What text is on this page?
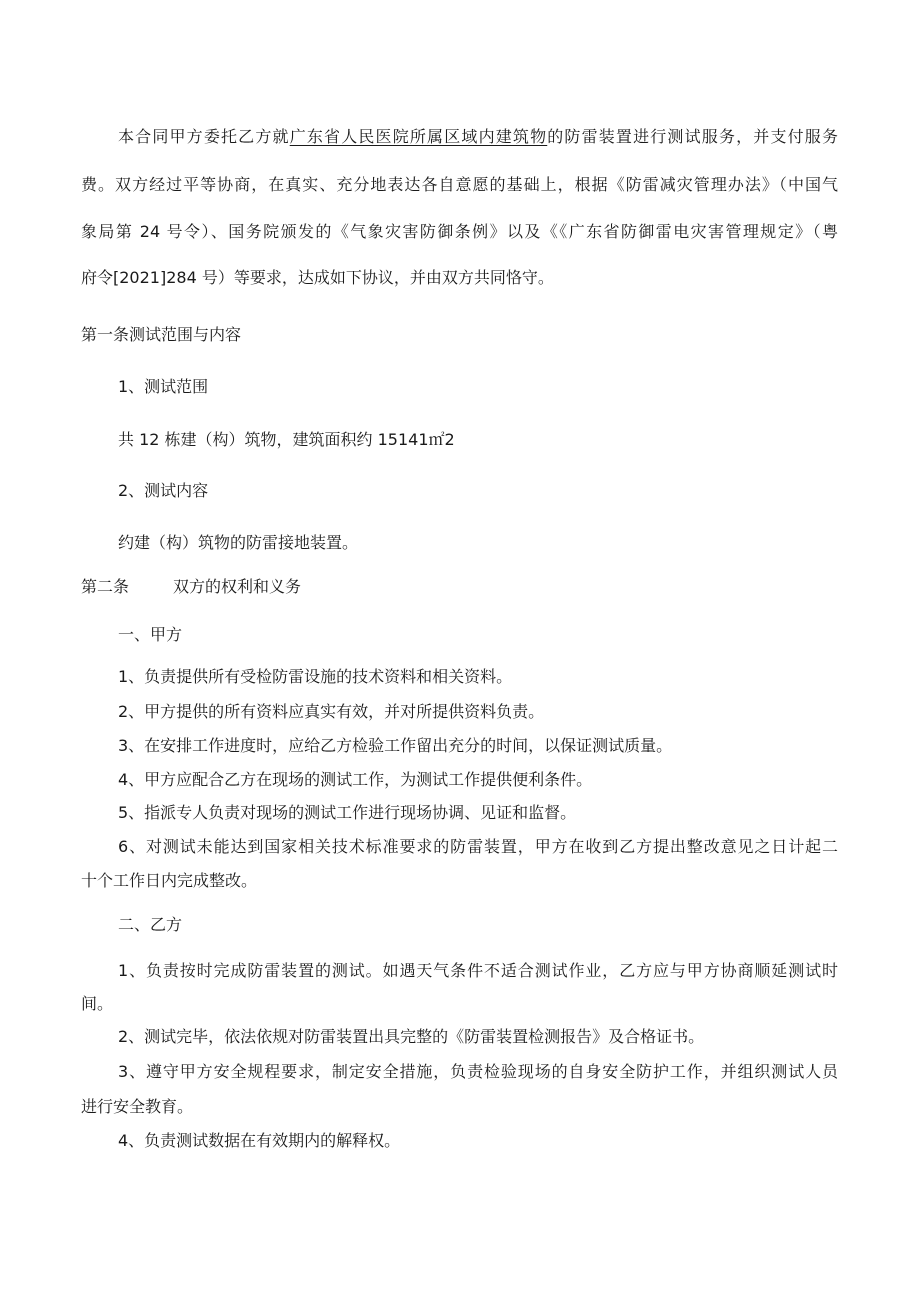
本合同甲方委托乙方就广东省人民医院所属区域内建筑物的防雷装置进行测试服务，并支付服务

费。双方经过平等协商，在真实、充分地表达各自意愿的基础上，根据《防雷减灾管理办法》（中国气

象局第 24 号令）、国务院颁发的《气象灾害防御条例》以及《《广东省防御雷电灾害管理规定》（粤

府令[2021]284 号）等要求，达成如下协议，并由双方共同恪守。

第一条测试范围与内容

1、测试范围

共 12 栋建（构）筑物，建筑面积约 15141㎡2

2、测试内容

约建（构）筑物的防雷接地装置。

第二条	双方的权利和义务

一、甲方

1、负责提供所有受检防雷设施的技术资料和相关资料。

2、甲方提供的所有资料应真实有效，并对所提供资料负责。

3、在安排工作进度时，应给乙方检验工作留出充分的时间，以保证测试质量。

4、甲方应配合乙方在现场的测试工作，为测试工作提供便利条件。

5、指派专人负责对现场的测试工作进行现场协调、见证和监督。

6、对测试未能达到国家相关技术标准要求的防雷装置，甲方在收到乙方提出整改意见之日计起二

十个工作日内完成整改。

二、乙方

1、负责按时完成防雷装置的测试。如遇天气条件不适合测试作业，乙方应与甲方协商顺延测试时

间。

2、测试完毕，依法依规对防雷装置出具完整的《防雷装置检测报告》及合格证书。

3、遵守甲方安全规程要求，制定安全措施，负责检验现场的自身安全防护工作，并组织测试人员

进行安全教育。

4、负责测试数据在有效期内的解释权。
